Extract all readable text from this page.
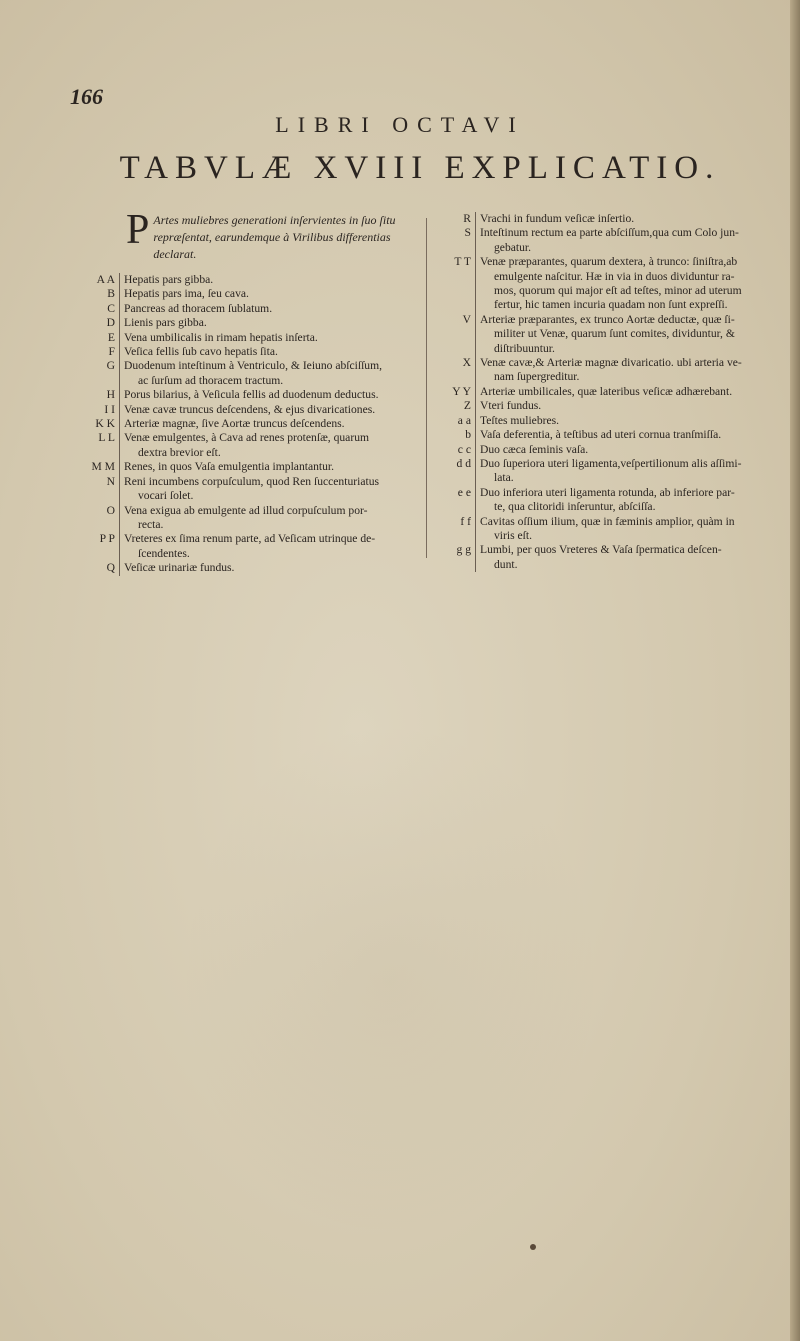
166
LIBRI OCTAVI
TABVLÆ XVIII EXPLICATIO.
P Artes muliebres generationi inſervientes in ſuo ſitu repræſentat, earundemque à Virilibus differentias declarat.
A A Hepatis pars gibba.
B Hepatis pars ima, ſeu cava.
C Pancreas ad thoracem ſublatum.
D Lienis pars gibba.
E Vena umbilicalis in rimam hepatis inſerta.
F Veſica fellis ſub cavo hepatis ſita.
G Duodenum inteſtinum à Ventriculo, & Ieiuno abſciſſum,
ac ſurſum ad thoracem tractum.
H Porus bilarius, à Veſicula fellis ad duodenum deductus.
I I Venæ cavæ truncus deſcendens, & ejus divaricationes.
K K Arteriæ magnæ, ſive Aortæ truncus deſcendens.
L L Venæ emulgentes, à Cava ad renes protenſæ, quarum
dextra brevior eſt.
M M Renes, in quos Vaſa emulgentia implantantur.
N Reni incumbens corpuſculum, quod Ren ſuccenturiatus
vocari ſolet.
O Vena exigua ab emulgente ad illud corpuſculum por-
recta.
P P Vreteres ex ſima renum parte, ad Veſicam utrinque de-
ſcendentes.
Q Veſicæ urinariæ fundus.
R Vrachi in fundum veſicæ inſertio.
S Inteſtinum rectum ea parte abſciſſum,qua cum Colo jun-
gebatur.
T T Venæ præparantes, quarum dextera, à trunco: ſiniſtra,ab
emulgente naſcitur. Hæ in via in duos dividuntur ra-
mos, quorum qui major eſt ad teſtes, minor ad uterum
fertur, hic tamen incuria quadam non ſunt expreſſi.
V Arteriæ præparantes, ex trunco Aortæ deductæ, quæ ſi-
militer ut Venæ, quarum ſunt comites, dividuntur, &
diſtribuuntur.
X Venæ cavæ,& Arteriæ magnæ divaricatio. ubi arteria ve-
nam ſupergreditur.
Y Y Arteriæ umbilicales, quæ lateribus veſicæ adhærebant.
Z Vteri fundus.
a a Teſtes muliebres.
b Vaſa deferentia, à teſtibus ad uteri cornua tranſmiſſa.
c c Duo cæca ſeminis vaſa.
d d Duo ſuperiora uteri ligamenta,veſpertilionum alis aſſimi-
lata.
e e Duo inferiora uteri ligamenta rotunda, ab inferiore par-
te, qua clitoridi inſeruntur, abſciſſa.
f f Cavitas oſſium ilium, quæ in fæminis amplior, quàm in
viris eſt.
g g Lumbi, per quos Vreteres & Vaſa ſpermatica deſcen-
dunt.
